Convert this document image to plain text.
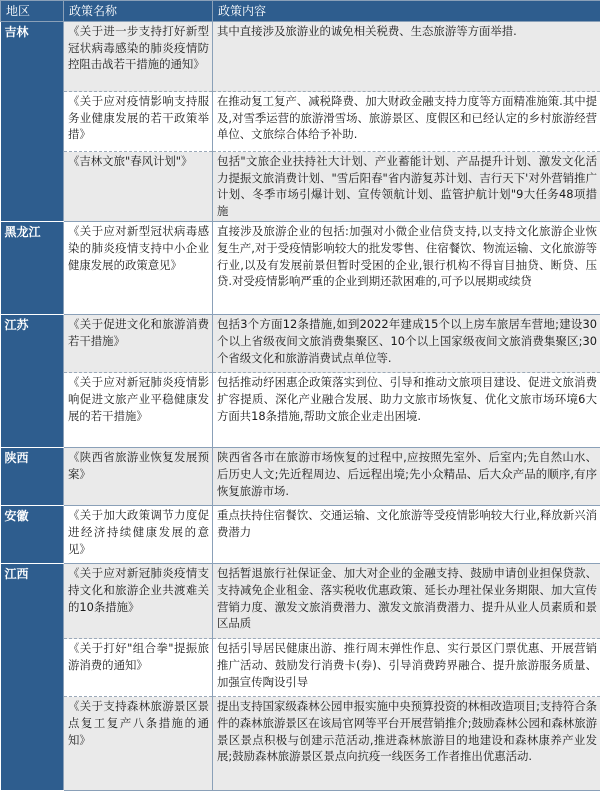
地区	政策名称	政策内容
吉林	《关于进一步支持打好新型冠状病毒感染的肺炎疫情防控阻击战若干措施的通知》	其中直接涉及旅游业的诚免相关税费、生态旅游等方面举措.
	《关于应对疫情影响支持服务业健康发展的若干政策举措》	在推动复工复产、减税降费、加大财政金融支持力度等方面精准施策.其中提及,对雪季运营的旅游滑雪场、旅游景区、度假区和已经认定的乡村旅游经营单位、文旅综合体给予补助.
	《吉林文旅"春风计划"》	包括"文旅企业扶持社大计划、产业蓄能计划、产品提升计划、激发文化活力提振文旅消费计划、"雪后阳春"省内游复苏计划、吉行天下'对外营销推广计划、冬季市场引爆计划、宣传领航计划、监管护航计划"9大任务48项措施
黑龙江	《关于应对新型冠状病毒感染的肺炎疫情支持中小企业健康发展的政策意见》	直接涉及旅游企业的包括:加强对小微企业信贷支持,以支持文化旅游企业恢复生产,对于受疫情影响较大的批发零售、住宿餐饮、物流运输、文化旅游等行业,以及有发展前景但暂时受困的企业,银行机构不得盲目抽贷、断贷、压贷.对受疫情影响严重的企业到期还款困难的,可予以展期或续贷
江苏	《关于促进文化和旅游消费若干措施》	包括3个方面12条措施,如到2022年建成15个以上房车旅居车营地;建设30个以上省级夜间文旅消费集聚区、10个以上国家级夜间文旅消费集聚区;30个省级文化和旅游消费试点单位等.
	《关于应对新冠肺炎疫情影响促进文旅产业平稳健康发展的若干措施》	包括推动纾困惠企政策落实到位、引导和推动文旅项目建设、促进文旅消费扩容提质、深化产业融合发展、助力文旅市场恢复、优化文旅市场环境6大方面共18条措施,帮助文旅企业走出困境.
陕西	《陕西省旅游业恢复发展预案》	陕西省各市在旅游市场恢复的过程中,应按照先室外、后室内;先自然山水、后历史人文;先近程周边、后远程出境;先小众精品、后大众产品的顺序,有序恢复旅游市场.
安徽	《关于加大政策调节力度促进经济持续健康发展的意见》	重点扶持住宿餐饮、交通运输、文化旅游等受疫情影响较大行业,释放新兴消费潜力
江西	《关于应对新冠肺炎疫情支持文化和旅游企业共渡难关的10条措施》	包括暂退旅行社保证金、加大对企业的金融支持、鼓励申请创业担保贷款、支持减免企业租金、落实税收优惠政策、延长办理社保业务期限、加大宣传营销力度、激发文旅消费潜力、激发文旅消费潜力、提升从业人员素质和景区品质
	《关于打好"组合拳"提振旅游消费的通知》	包括引导居民健康出游、推行周末弹性作息、实行景区门票优惠、开展营销推广活动、鼓励发行消费卡(券)、引导消费跨界融合、提升旅游服务质量、加强宣传陶设引导
	《关于支持森林旅游景区景点复工复产八条措施的通知》	提出支持国家级森林公园申报实施中央预算投资的林相改造项目;支持符合条件的森林旅游景区在该局官网等平台开展营销推介;鼓励森林公园和森林旅游景区景点积极与创建示范活动,推进森林旅游目的地建设和森林康养产业发展;鼓励森林旅游景区景点向抗疫一线医务工作者推出优惠活动.
